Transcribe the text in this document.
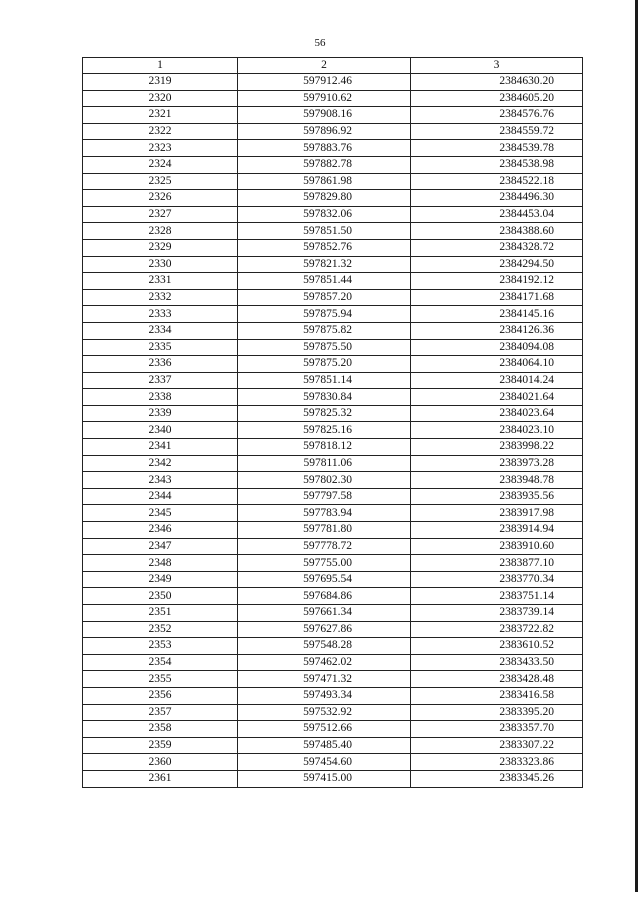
56
1	2	3
2319	597912.46	2384630.20
2320	597910.62	2384605.20
2321	597908.16	2384576.76
2322	597896.92	2384559.72
2323	597883.76	2384539.78
2324	597882.78	2384538.98
2325	597861.98	2384522.18
2326	597829.80	2384496.30
2327	597832.06	2384453.04
2328	597851.50	2384388.60
2329	597852.76	2384328.72
2330	597821.32	2384294.50
2331	597851.44	2384192.12
2332	597857.20	2384171.68
2333	597875.94	2384145.16
2334	597875.82	2384126.36
2335	597875.50	2384094.08
2336	597875.20	2384064.10
2337	597851.14	2384014.24
2338	597830.84	2384021.64
2339	597825.32	2384023.64
2340	597825.16	2384023.10
2341	597818.12	2383998.22
2342	597811.06	2383973.28
2343	597802.30	2383948.78
2344	597797.58	2383935.56
2345	597783.94	2383917.98
2346	597781.80	2383914.94
2347	597778.72	2383910.60
2348	597755.00	2383877.10
2349	597695.54	2383770.34
2350	597684.86	2383751.14
2351	597661.34	2383739.14
2352	597627.86	2383722.82
2353	597548.28	2383610.52
2354	597462.02	2383433.50
2355	597471.32	2383428.48
2356	597493.34	2383416.58
2357	597532.92	2383395.20
2358	597512.66	2383357.70
2359	597485.40	2383307.22
2360	597454.60	2383323.86
2361	597415.00	2383345.26
